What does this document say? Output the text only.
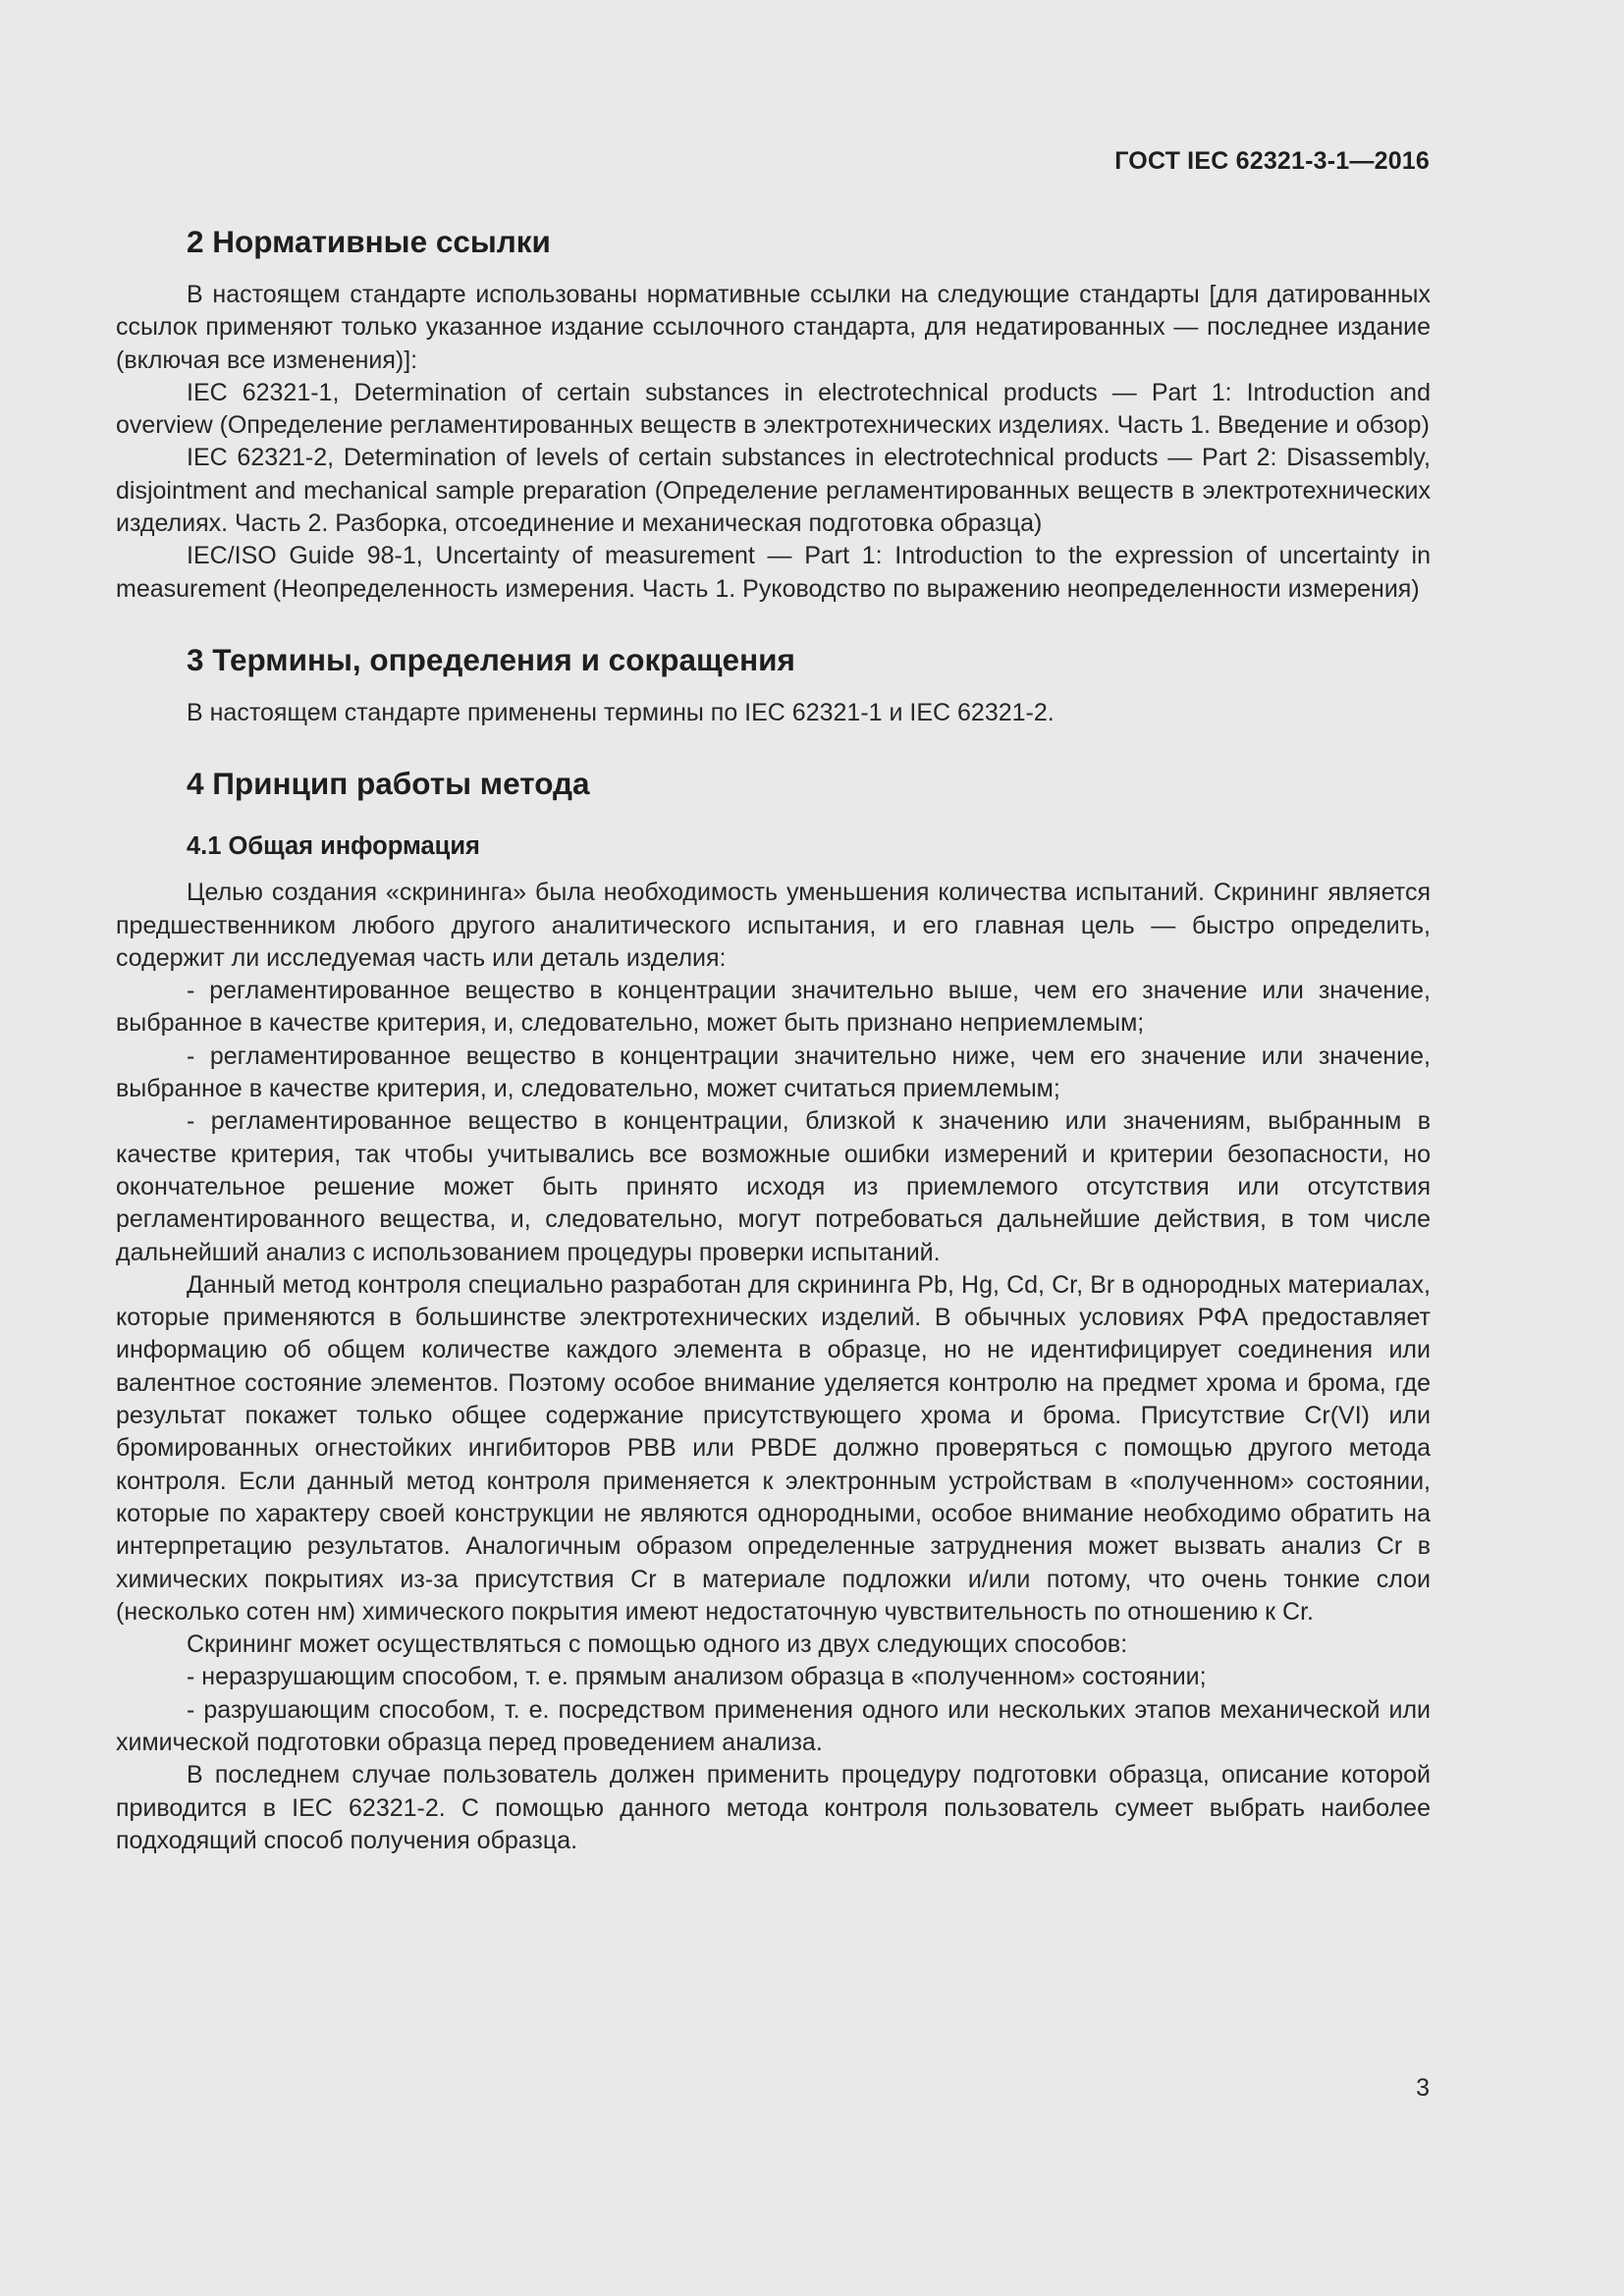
ГОСТ IEC 62321-3-1—2016
2 Нормативные ссылки

В настоящем стандарте использованы нормативные ссылки на следующие стандарты [для датированных ссылок применяют только указанное издание ссылочного стандарта, для недатированных — последнее издание (включая все изменения)]:

IEC 62321-1, Determination of certain substances in electrotechnical products — Part 1: Introduction and overview (Определение регламентированных веществ в электротехнических изделиях. Часть 1. Введение и обзор)

IEC 62321-2, Determination of levels of certain substances in electrotechnical products — Part 2: Disassembly, disjointment and mechanical sample preparation (Определение регламентированных веществ в электротехнических изделиях. Часть 2. Разборка, отсоединение и механическая подготовка образца)

IEC/ISO Guide 98-1, Uncertainty of measurement — Part 1: Introduction to the expression of uncertainty in measurement (Неопределенность измерения. Часть 1. Руководство по выражению неопределенности измерения)

3 Термины, определения и сокращения

В настоящем стандарте применены термины по IEC 62321-1 и IEC 62321-2.

4 Принцип работы метода
4.1 Общая информация

Целью создания «скрининга» была необходимость уменьшения количества испытаний. Скрининг является предшественником любого другого аналитического испытания, и его главная цель — быстро определить, содержит ли исследуемая часть или деталь изделия:

- регламентированное вещество в концентрации значительно выше, чем его значение или значение, выбранное в качестве критерия, и, следовательно, может быть признано неприемлемым;

- регламентированное вещество в концентрации значительно ниже, чем его значение или значение, выбранное в качестве критерия, и, следовательно, может считаться приемлемым;

- регламентированное вещество в концентрации, близкой к значению или значениям, выбранным в качестве критерия, так чтобы учитывались все возможные ошибки измерений и критерии безопасности, но окончательное решение может быть принято исходя из приемлемого отсутствия или отсутствия регламентированного вещества, и, следовательно, могут потребоваться дальнейшие действия, в том числе дальнейший анализ с использованием процедуры проверки испытаний.

Данный метод контроля специально разработан для скрининга Pb, Hg, Cd, Cr, Br в однородных материалах, которые применяются в большинстве электротехнических изделий. В обычных условиях РФА предоставляет информацию об общем количестве каждого элемента в образце, но не идентифицирует соединения или валентное состояние элементов. Поэтому особое внимание уделяется контролю на предмет хрома и брома, где результат покажет только общее содержание присутствующего хрома и брома. Присутствие Cr(VI) или бромированных огнестойких ингибиторов PBB или PBDE должно проверяться с помощью другого метода контроля. Если данный метод контроля применяется к электронным устройствам в «полученном» состоянии, которые по характеру своей конструкции не являются однородными, особое внимание необходимо обратить на интерпретацию результатов. Аналогичным образом определенные затруднения может вызвать анализ Cr в химических покрытиях из-за присутствия Cr в материале подложки и/или потому, что очень тонкие слои (несколько сотен нм) химического покрытия имеют недостаточную чувствительность по отношению к Cr.

Скрининг может осуществляться с помощью одного из двух следующих способов:

- неразрушающим способом, т. е. прямым анализом образца в «полученном» состоянии;

- разрушающим способом, т. е. посредством применения одного или нескольких этапов механической или химической подготовки образца перед проведением анализа.

В последнем случае пользователь должен применить процедуру подготовки образца, описание которой приводится в IEC 62321-2. С помощью данного метода контроля пользователь сумеет выбрать наиболее подходящий способ получения образца.

3
